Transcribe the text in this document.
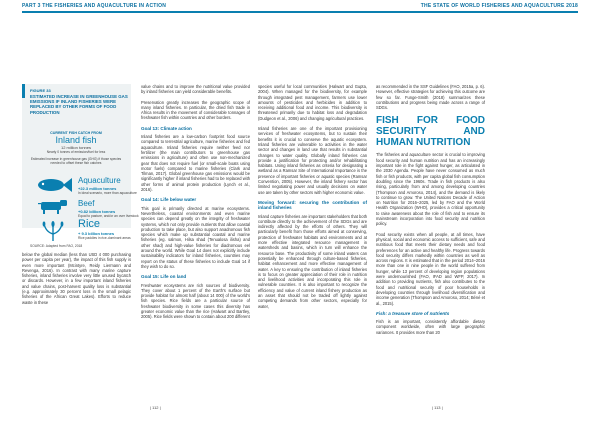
PART 3 THE FISHERIES AND AQUACULTURE IN ACTION	THE STATE OF WORLD FISHERIES AND AQUACULTURE 2018
FIGURE 33
ESTIMATED INCREASE IN GREENHOUSE GAS EMISSIONS IF INLAND FISHERIES WERE REPLACED BY OTHER FORMS OF FOOD PRODUCTION
CURRENT FISH CATCH FROM
Inland fish
12 million tonnes
Nearly 0 tonnes of emission/fuel for less
Estimated increase in greenhouse gas (GHG) if those species needed to offset these fish catches
Aquaculture
+22.3 million tonnes
In ideal scenario, more than aquaculture
Beef
+0.82 billion tonnes
Equal to pasture, and/or an over livestock
Rice
+ 9.3 billion tonnes
Rice paddies in rice-dominant areas
SOURCE: Adapted from FAO, 2018

below the global median (less than USD 4 000 purchasing power per capita per year), the impact of this fish supply is even more important (Mcintyre, Reidy Liermann and Revenga, 2016). In contrast with many marine capture fisheries, inland fisheries involve very little unused bycatch or discards. However, in a few important inland fisheries and value chains, post-harvest quality loss is substantial (e.g. approximately 30 percent loss in the small pelagic fisheries of the African Great Lakes). Efforts to reduce waste in these

value chains and to improve the nutritional value provided by inland fisheries can yield considerable benefits.

Preservation greatly increases the geographic scope of many inland fisheries. In particular, the dried fish trade in Africa results in the movement of considerable tonnages of freshwater fish within countries and other borders.

Goal 13: Climate action

Inland fisheries are a low-carbon footprint food source compared to terrestrial agriculture, marine fisheries and fed aquaculture. Inland fisheries require neither feed nor fertilizer (the main contributors to greenhouse gas emissions in agriculture) and often use non-mechanized gear that does not require fuel (or small-scale boats using motor fuels) compared to marine fisheries (Clark and Tilman, 2017). Global greenhouse gas emissions would be significantly higher if inland fisheries had to be replaced with other forms of animal protein production (Lynch et al., 2016).

Goal 14: Life below water

This goal is primarily directed at marine ecosystems. Nevertheless, coastal environments and even marine species can depend greatly on the integrity of freshwater systems, which not only provide nutrients that allow coastal production to take place, but also support anadromous fish species which make up substantial coastal and marine fisheries (eg. salmon, Hilsa shad (Tenualosa ilisha) and other shad) and high-value fisheries for diadromous eel around the world. While Goal 14 does not explicitly include sustainability indicators for inland fisheries, countries may report on the status of these fisheries to include Goal 14 if they wish to do so.

Goal 15: Life on land

Freshwater ecosystems are rich sources of biodiversity. They cover about 1 percent of the Earth's surface but provide habitat for almost half (about 14 000) of the world's fish species. Rice fields are a particular source of freshwater biodiversity in some cases this diversity has greater economic value than the rice (Halwart and Bartley, 2005). Rice fields were shown to contain about 200 different

species useful for local communities (Halwart and Gupta, 2004). When managed for the biodiversity, for example through integrated pest management, farmers use lower amounts of pesticides and herbicides in addition to receiving additional food and income. This biodiversity is threatened primarily due to habitat loss and degradation (Dudgeon et al., 2006) and changing agricultural practices.

Inland fisheries are one of the important provisioning services of freshwater ecosystems, but to sustain their benefits it is crucial to conserve the aquatic ecosystem. Inland fisheries are vulnerable to activities in the water sector and changes in land use that results in substantial changes to water quality. Globally inland fisheries can provide a justification for protecting and/or rehabilitating habitats. Using inland fisheries as criteria for designating a wetland as a Ramsar Site of International Importance is the presence of important fisheries or aquatic species (Ramsar Convention, 2005). However, the inland fishery sector has limited negotiating power and usually decisions on water use are taken by other sectors with higher economic value.

Moving forward: securing the contribution of inland fisheries

Inland capture fisheries are important stakeholders that both contribute directly to the achievement of the SDGs and are indirectly affected by the efforts of others. They will particularly benefit from those efforts aimed at conserving, protection of freshwater habitats and environments and at more effective integrated resource management in watersheds and basins, which in turn will enhance the resource base. The productivity of some inland waters can potentially be enhanced through culture-based fisheries, habitat enhancement and more effective management of water. A key to ensuring the contribution of inland fisheries is to focus on greater appreciation of their role in nutrition and livelihood activities and incorporating this role in vulnerable countries. It is also important to recognize the efficiency and value of current inland fishery production as an asset that should not be traded off lightly against competing demands from other sectors, especially for water,

as recommended in the SSF Guidelines (FAO, 2015a, p. 6). However, effective strategies for achieving this outcome are few so far. Funge-Smith (2018) summarizes these contributions and progress being made across a range of SDGs.

FISH FOR FOOD SECURITY AND HUMAN NUTRITION

The fisheries and aquaculture sector is crucial to improving food security and human nutrition and has an increasingly important role in the fight against hunger, as articulated in the 2030 Agenda. People have never consumed as much fish or fish products, with per capita global fish consumption doubling since the 1960s. Trade in fish products is also rising, particularly from and among developing countries (Thompson and Amoroso, 2014), and the demand is likely to continue to grow. The United Nations Decade of Action on Nutrition for 2016–2025, led by FAO and the World Health Organization (WHO), provides a critical opportunity to raise awareness about the role of fish and to ensure its mainstream incorporation into food security and nutrition policy.

Food security exists when all people, at all times, have physical, social and economic access to sufficient, safe and nutritious food that meets their dietary needs and food preferences for an active and healthy life. Progress towards food security differs markedly within countries as well as across regions. It is estimated that in the period 2014–2016 more than one in nine people in the world suffered from hunger, while 13 percent of developing region populations were undernourished (FAO, IFAD and WFP, 2017). In addition to providing nutrients, fish also contributes to the food and nutritional security of poor households in developing countries through livelihood diversification and income generation (Thompson and Amoroso, 2014; Béné et al., 2015).

Fish: a treasure store of nutrients

Fish is an important, consistently affordable dietary component worldwide, often with large geographic variances. It provides more than 20

| 112 |	| 113 |
